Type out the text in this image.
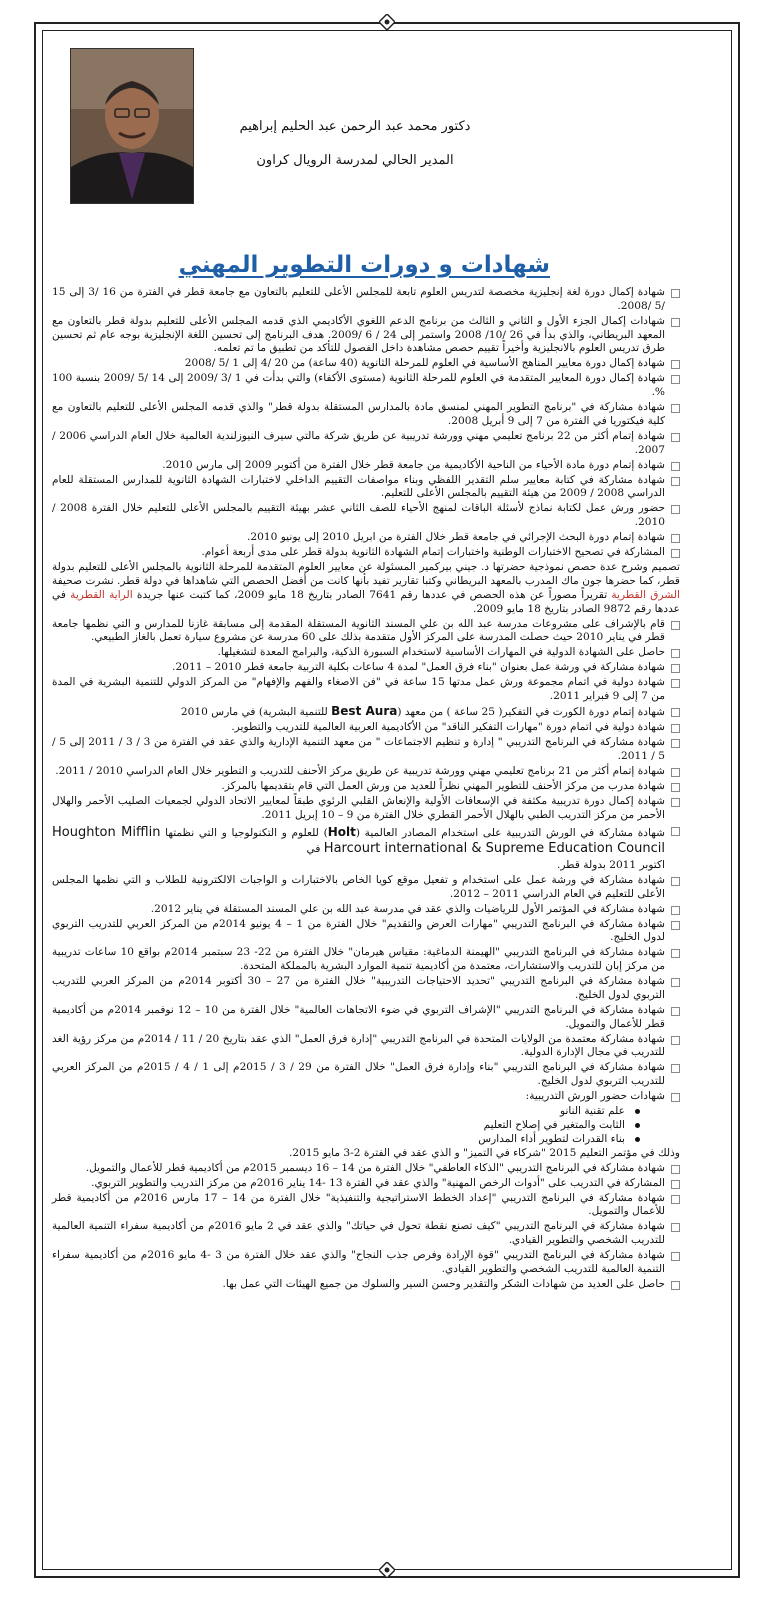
دكتور محمد عبد الرحمن عبد الحليم إبراهيم
المدير الحالي لمدرسة الرويال كراون
شهادات و دورات التطوير المهني
شهادة إكمال دورة لغة إنجليزية مخصصة لتدريس العلوم تابعة للمجلس الأعلى للتعليم بالتعاون مع جامعة قطر في الفترة من 16 /3 إلى 15 /5 /2008.
شهادات إكمال الجزء الأول و الثاني و الثالث من برنامج الدعم اللغوي الأكاديمي الذي قدمه المجلس الأعلى للتعليم بدولة قطر بالتعاون مع المعهد البريطاني، والذي بدأ في 26 /10/ 2008 واستمر إلى 24 / 6 /2009. هدف البرنامج إلى تحسين اللغة الإنجليزية بوجه عام ثم تحسين طرق تدريس العلوم بالانجليزية وأخيراً تقييم حصص مشاهدة داخل الفصول للتأكد من تطبيق ما تم تعلمه.
شهادة إكمال دورة معايير المناهج الأساسية في العلوم للمرحلة الثانوية (40 ساعة) من 20 /4 إلى 1 /5 /2008
شهادة إكمال دورة المعايير المتقدمة في العلوم للمرحلة الثانوية (مستوى الأكفاء) والتي بدأت في 1 /3 /2009 إلى 14 /5 /2009 بنسبة 100 %.
شهادة مشاركة في "برنامج التطوير المهني لمنسق مادة بالمدارس المستقلة بدولة قطر" والذي قدمه المجلس الأعلى للتعليم بالتعاون مع كلية فيكتوريا في الفترة من 7 إلى 9 أبريل 2008.
شهادة إتمام أكثر من 22 برنامج تعليمي مهني وورشة تدريبية عن طريق شركة مالتي سيرف النيوزلندية العالمية خلال العام الدراسي 2006 / 2007.
شهادة إتمام دورة مادة الأحياء من الناحية الأكاديمية من جامعة قطر خلال الفترة من أكتوبر 2009 إلى مارس 2010.
شهادة مشاركة في كتابة معايير سلم التقدير اللفظي وبناء مواصفات التقييم الداخلي لاختبارات الشهادة الثانوية للمدارس المستقلة للعام الدراسي 2008 / 2009 من هيئة التقييم بالمجلس الأعلى للتعليم.
حضور ورش عمل لكتابة نماذج لأسئلة الباقات لمنهج الأحياء للصف الثاني عشر بهيئة التقييم بالمجلس الأعلى للتعليم خلال الفترة 2008 / 2010.
شهادة إتمام دورة البحث الإجرائي في جامعة قطر خلال الفترة من ابريل 2010 إلى يونيو 2010.
المشاركة في تصحيح الاختبارات الوطنية واختبارات إتمام الشهادة الثانوية بدولة قطر على مدى أربعة أعوام.
تصميم وشرح عدة حصص نموذجية حضرتها د. جيني بيركمير المسئولة عن معايير العلوم المتقدمة للمرحلة الثانوية بالمجلس الأعلى للتعليم بدولة قطر، كما حضرها جون ماك المدرب بالمعهد البريطاني وكتبا تقارير تفيد بأنها كانت من أفضل الحصص التي شاهداها في دولة قطر. نشرت صحيفة الشرق القطرية تقريراً مصوراً عن هذه الحصص في عددها رقم 7641 الصادر بتاريخ 18 مايو 2009، كما كتبت عنها جريدة الراية القطرية في عددها رقم 9872 الصادر بتاريخ 18 مايو 2009.
قام بالإشراف على مشروعات مدرسة عبد الله بن علي المسند الثانوية المستقلة المقدمة إلى مسابقة غازنا للمدارس و التي نظمها جامعة قطر في يناير 2010 حيث حصلت المدرسة على المركز الأول متقدمة بذلك على 60 مدرسة عن مشروع سيارة تعمل بالغاز الطبيعي.
حاصل على الشهادة الدولية في المهارات الأساسية لاستخدام السبورة الذكية، والبرامج المعدة لتشغيلها.
شهادة مشاركة في ورشة عمل بعنوان "بناء فرق العمل" لمدة 4 ساعات بكلية التربية جامعة قطر 2010 – 2011.
شهادة دولية في اتمام مجموعة ورش عمل مدتها 15 ساعة في "فن الاصغاء والفهم والإفهام" من المركز الدولي للتنمية البشرية في المدة من 7 إلى 9 فبراير 2011.
شهادة إتمام دورة الكورت في التفكير( 25 ساعة ) من معهد (Best Aura للتنمية البشرية) في مارس 2010
شهادة دولية في اتمام دورة "مهارات التفكير الناقد" من الأكاديمية العربية العالمية للتدريب والتطوير.
شهادة مشاركة في البرنامج التدريبي " إدارة و تنظيم الاجتماعات " من معهد التنمية الإدارية والذي عقد في الفترة من 3 / 3 / 2011 إلى 5 / 5 / 2011.
شهادة إتمام أكثر من 21 برنامج تعليمي مهني وورشة تدريبية عن طريق مركز الأحنف للتدريب و التطوير خلال العام الدراسي 2010 / 2011.
شهادة مدرب من مركز الأحنف للتطوير المهني نظراً للعديد من ورش العمل التي قام بتقديمها بالمركز.
شهادة إكمال دورة تدريبية مكثفة في الإسعافات الأولية والإنعاش القلبي الرئوي طبقاً لمعايير الاتحاد الدولي لجمعيات الصليب الأحمر والهلال الأحمر من مركز التدريب الطبي بالهلال الأحمر القطري خلال الفترة من 9 – 10 إبريل 2011.
شهادة مشاركة في الورش التدريبية على استخدام المصادر العالمية (Holt) للعلوم و التكنولوجيا و التي نظمتها Houghton Mifflin Harcourt international & Supreme Education Council في
اكتوبر 2011 بدولة قطر.
شهادة مشاركة في ورشة عمل على استخدام و تفعيل موقع كويا الخاص بالاختبارات و الواجبات الالكترونية للطلاب و التي نظمها المجلس الأعلى للتعليم في العام الدراسي 2011 – 2012.
شهادة مشاركة في المؤتمر الأول للرياضيات والذي عقد في مدرسة عبد الله بن علي المسند المستقلة في يناير 2012.
شهادة مشاركة في البرنامج التدريبي "مهارات العرض والتقديم" خلال الفترة من 1 – 4 يونيو 2014م من المركز العربي للتدريب التربوي لدول الخليج.
شهادة مشاركة في البرنامج التدريبي "الهيمنة الدماغية: مقياس هيرمان" خلال الفترة من 22- 23 سبتمبر 2014م بواقع 10 ساعات تدريبية من مركز إبان للتدريب والاستشارات، معتمدة من أكاديمية تنمية الموارد البشرية بالمملكة المتحدة.
شهادة مشاركة في البرنامج التدريبي "تحديد الاحتياجات التدريبية" خلال الفترة من 27 – 30 أكتوبر 2014م من المركز العربي للتدريب التربوي لدول الخليج.
شهادة مشاركة في البرنامج التدريبي "الإشراف التربوي في ضوء الاتجاهات العالمية" خلال الفترة من 10 – 12 نوفمبر 2014م من أكاديمية قطر للأعمال والتمويل.
شهادة مشاركة معتمدة من الولايات المتحدة في البرنامج التدريبي "إدارة فرق العمل" الذي عقد بتاريخ 20 / 11 / 2014م من مركز رؤية الغد للتدريب في مجال الإدارة الدولية.
شهادة مشاركة في البرنامج التدريبي "بناء وإدارة فرق العمل" خلال الفترة من 29 / 3 / 2015م إلى 1 / 4 / 2015م من المركز العربي للتدريب التربوي لدول الخليج.
شهادات حضور الورش التدريبية:
علم تقنية النانو
الثابت والمتغير في إصلاح التعليم
بناء القدرات لتطوير أداء المدارس
وذلك في مؤتمر التعليم 2015 "شركاء في التميز" و الذي عقد في الفترة 2-3 مايو 2015.
شهادة مشاركة في البرنامج التدريبي "الذكاء العاطفي" خلال الفترة من 14 – 16 ديسمبر 2015م من أكاديمية قطر للأعمال والتمويل.
المشاركة في التدريب على "أدوات الرخص المهنية" والذي عقد في الفترة 13 -14 يناير 2016م من مركز التدريب والتطوير التربوي.
شهادة مشاركة في البرنامج التدريبي "إعداد الخطط الاستراتيجية والتنفيذية" خلال الفترة من 14 – 17 مارس 2016م من أكاديمية قطر للأعمال والتمويل.
شهادة مشاركة في البرنامج التدريبي "كيف تصنع نقطة تحول في حياتك" والذي عقد في 2 مايو 2016م من أكاديمية سفراء التنمية العالمية للتدريب الشخصي والتطوير القيادي.
شهادة مشاركة في البرنامج التدريبي "قوة الإرادة وفرص جذب النجاح" والذي عقد خلال الفترة من 3 -4 مايو 2016م من أكاديمية سفراء التنمية العالمية للتدريب الشخصي والتطوير القيادي.
حاصل على العديد من شهادات الشكر والتقدير وحسن السير والسلوك من جميع الهيئات التي عمل بها.
